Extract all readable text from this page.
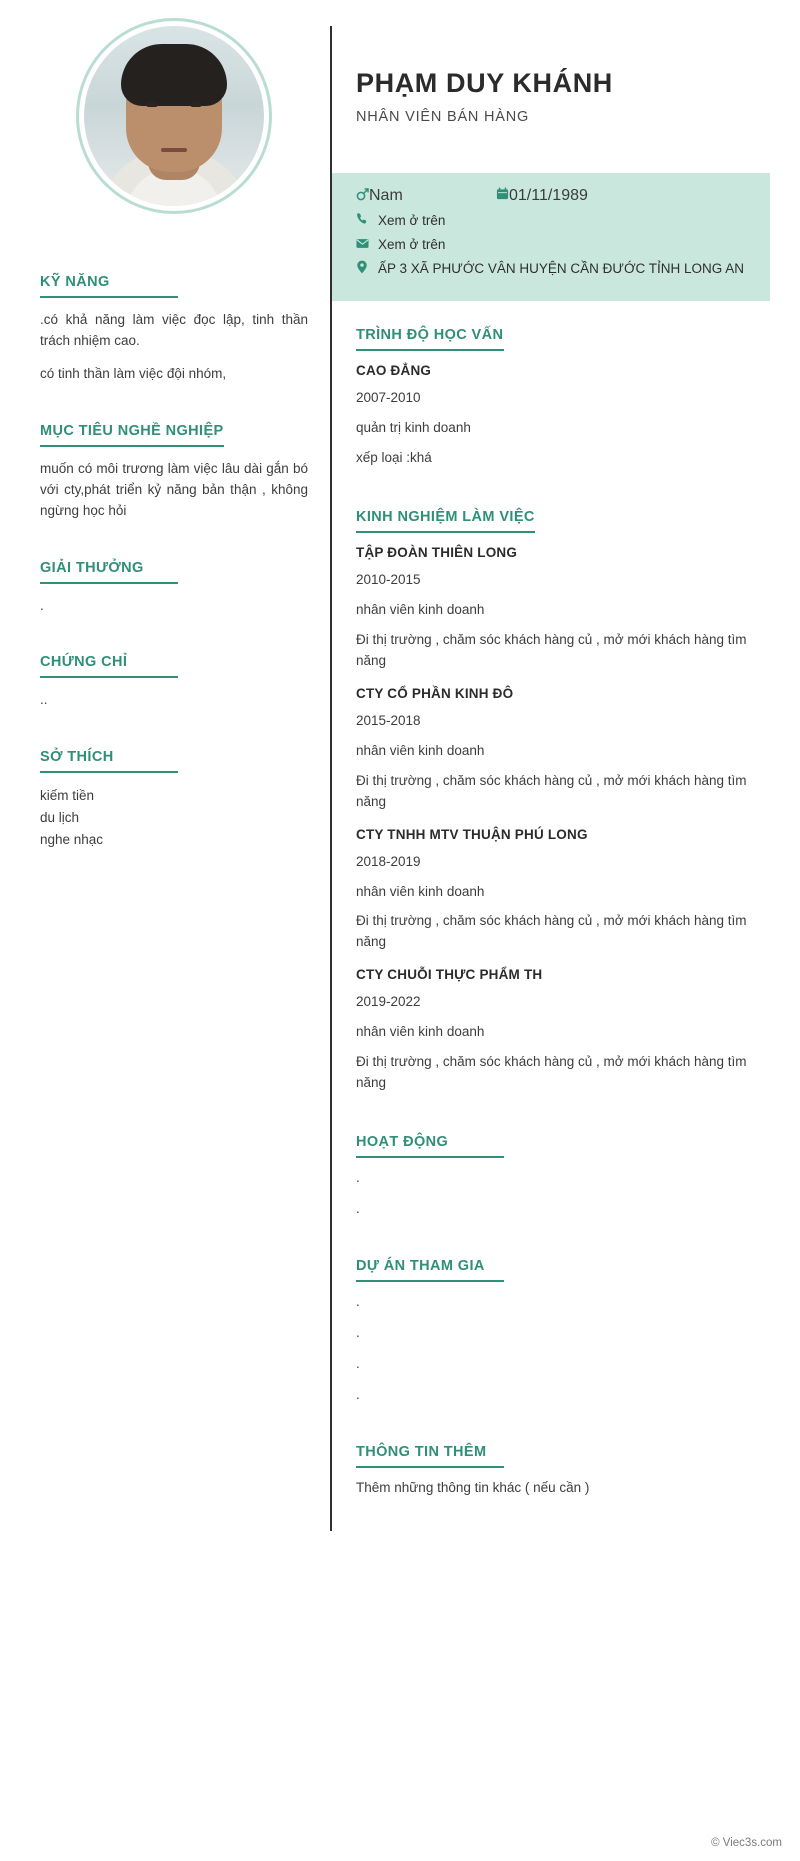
KỸ NĂNG

.có khả năng làm việc đọc lập, tinh thần trách nhiệm cao.

có tinh thần làm việc đội nhóm,

MỤC TIÊU NGHỀ NGHIỆP

muốn có môi trương làm việc lâu dài gắn bó với cty,phát triển kỷ năng bản thận , không ngừng học hỏi

GIẢI THƯỞNG

.

CHỨNG CHỈ

..

SỞ THÍCH
kiếm tiền
du lịch
nghe nhạc
PHẠM DUY KHÁNH
NHÂN VIÊN BÁN HÀNG
Nam	01/11/1989
Xem ở trên
Xem ở trên
ẤP 3 XÃ PHƯỚC VÂN HUYỆN CẦN ĐƯỚC TỈNH LONG AN
TRÌNH ĐỘ HỌC VẤN
CAO ĐẲNG
2007-2010
quản trị kinh doanh
xếp loại :khá
KINH NGHIỆM LÀM VIỆC
TẬP ĐOÀN THIÊN LONG
2010-2015
nhân viên kinh doanh
Đi thị trường , chăm sóc khách hàng củ , mở mới khách hàng tìm năng
CTY CỔ PHẦN KINH ĐÔ
2015-2018
nhân viên kinh doanh
Đi thị trường , chăm sóc khách hàng củ , mở mới khách hàng tìm năng
CTY TNHH MTV THUẬN PHÚ LONG
2018-2019
nhân viên kinh doanh
Đi thị trường , chăm sóc khách hàng củ , mở mới khách hàng tìm năng
CTY CHUỖI THỰC PHẨM TH
2019-2022
nhân viên kinh doanh
Đi thị trường , chăm sóc khách hàng củ , mở mới khách hàng tìm năng
HOẠT ĐỘNG
.
.
DỰ ÁN THAM GIA
.
.
.
.
THÔNG TIN THÊM
Thêm những thông tin khác ( nếu cần )
© Viec3s.com
